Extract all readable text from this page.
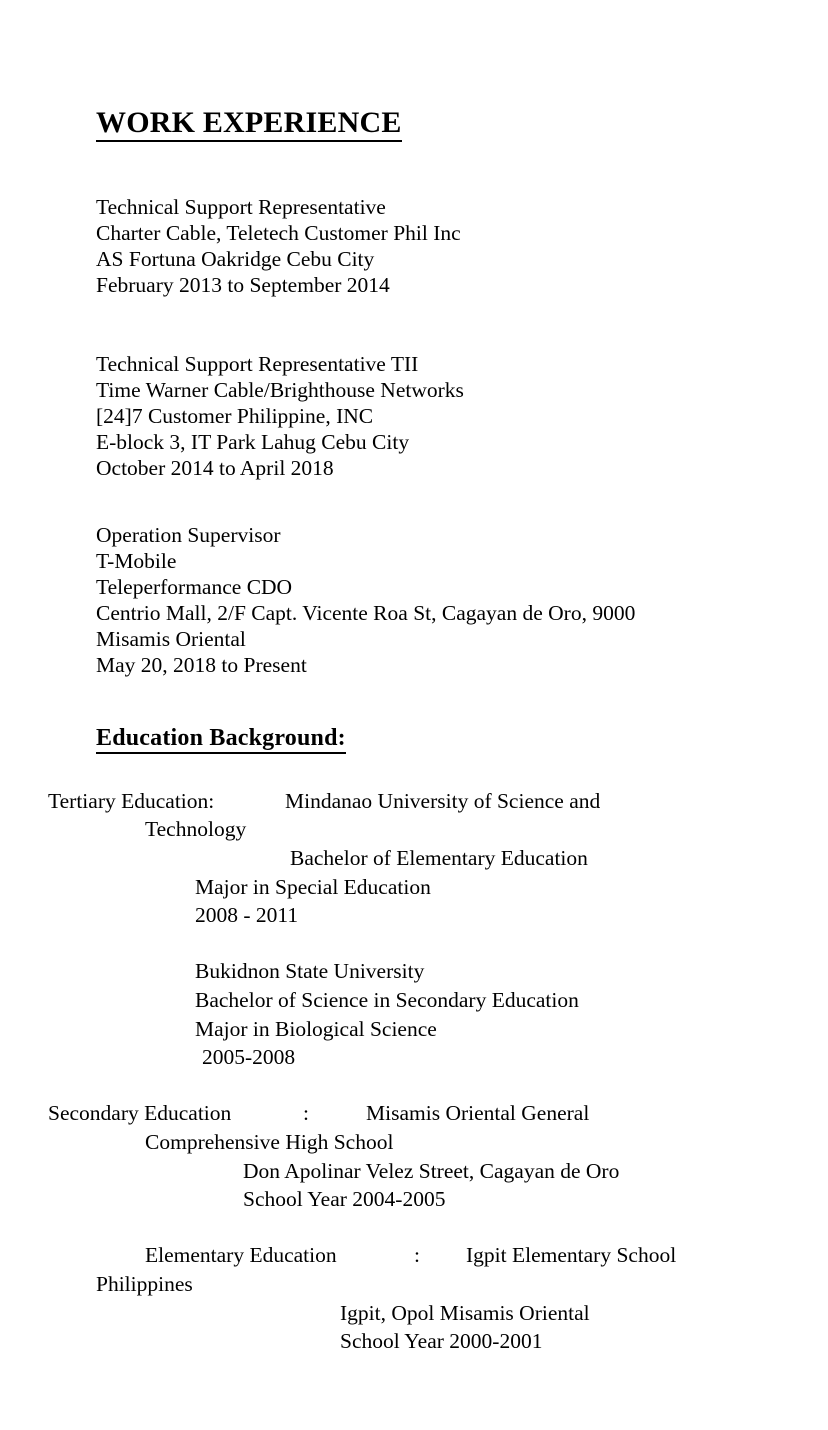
WORK EXPERIENCE
Technical Support Representative
Charter Cable, Teletech Customer Phil Inc
AS Fortuna Oakridge Cebu City
February 2013 to September 2014
Technical Support Representative TII
Time Warner Cable/Brighthouse Networks
[24]7 Customer Philippine, INC
E-block 3, IT Park Lahug Cebu City
October 2014 to April 2018
Operation Supervisor
T-Mobile
Teleperformance CDO
Centrio Mall, 2/F Capt. Vicente Roa St, Cagayan de Oro, 9000
Misamis Oriental
May 20, 2018 to Present
Education Background:
Tertiary Education:	Mindanao University of Science and
Technology
Bachelor of Elementary Education
Major in Special Education
2008 - 2011
Bukidnon State University
Bachelor of Science in Secondary Education
Major in Biological Science
2005-2008
Secondary Education	:	Misamis Oriental General
Comprehensive High School
Don Apolinar Velez Street, Cagayan de Oro
School Year 2004-2005
Elementary Education	: Igpit Elementary School
Philippines
Igpit, Opol Misamis Oriental
School Year 2000-2001
